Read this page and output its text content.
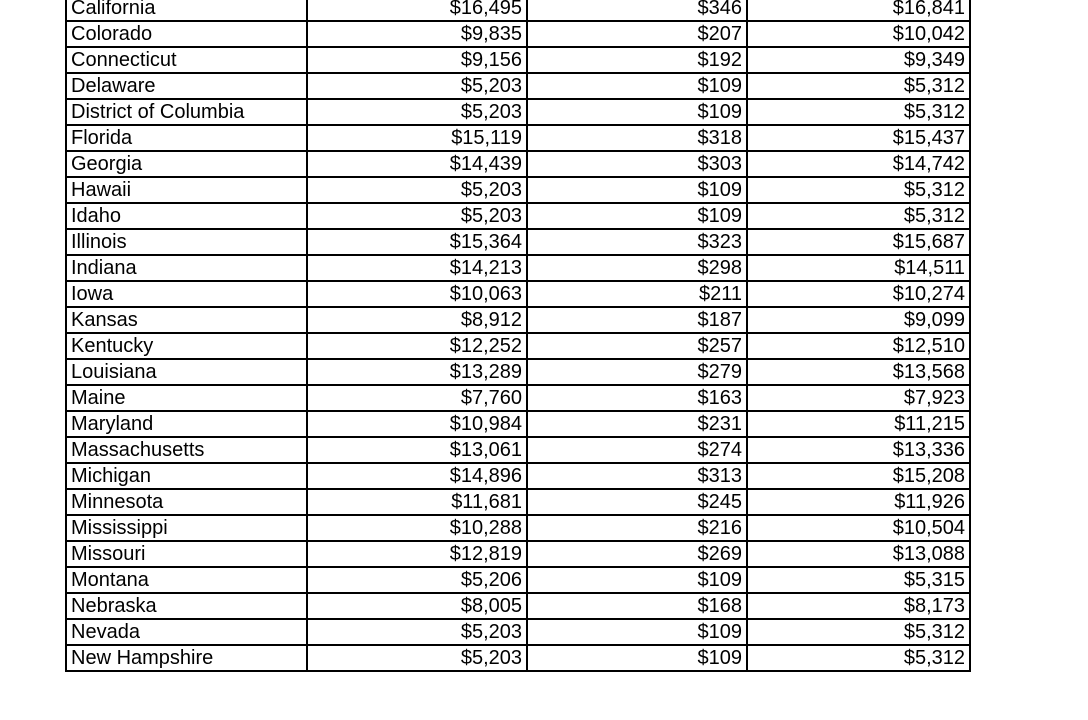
California	$16,495	$346	$16,841
Colorado	$9,835	$207	$10,042
Connecticut	$9,156	$192	$9,349
Delaware	$5,203	$109	$5,312
District of Columbia	$5,203	$109	$5,312
Florida	$15,119	$318	$15,437
Georgia	$14,439	$303	$14,742
Hawaii	$5,203	$109	$5,312
Idaho	$5,203	$109	$5,312
Illinois	$15,364	$323	$15,687
Indiana	$14,213	$298	$14,511
Iowa	$10,063	$211	$10,274
Kansas	$8,912	$187	$9,099
Kentucky	$12,252	$257	$12,510
Louisiana	$13,289	$279	$13,568
Maine	$7,760	$163	$7,923
Maryland	$10,984	$231	$11,215
Massachusetts	$13,061	$274	$13,336
Michigan	$14,896	$313	$15,208
Minnesota	$11,681	$245	$11,926
Mississippi	$10,288	$216	$10,504
Missouri	$12,819	$269	$13,088
Montana	$5,206	$109	$5,315
Nebraska	$8,005	$168	$8,173
Nevada	$5,203	$109	$5,312
New Hampshire	$5,203	$109	$5,312
